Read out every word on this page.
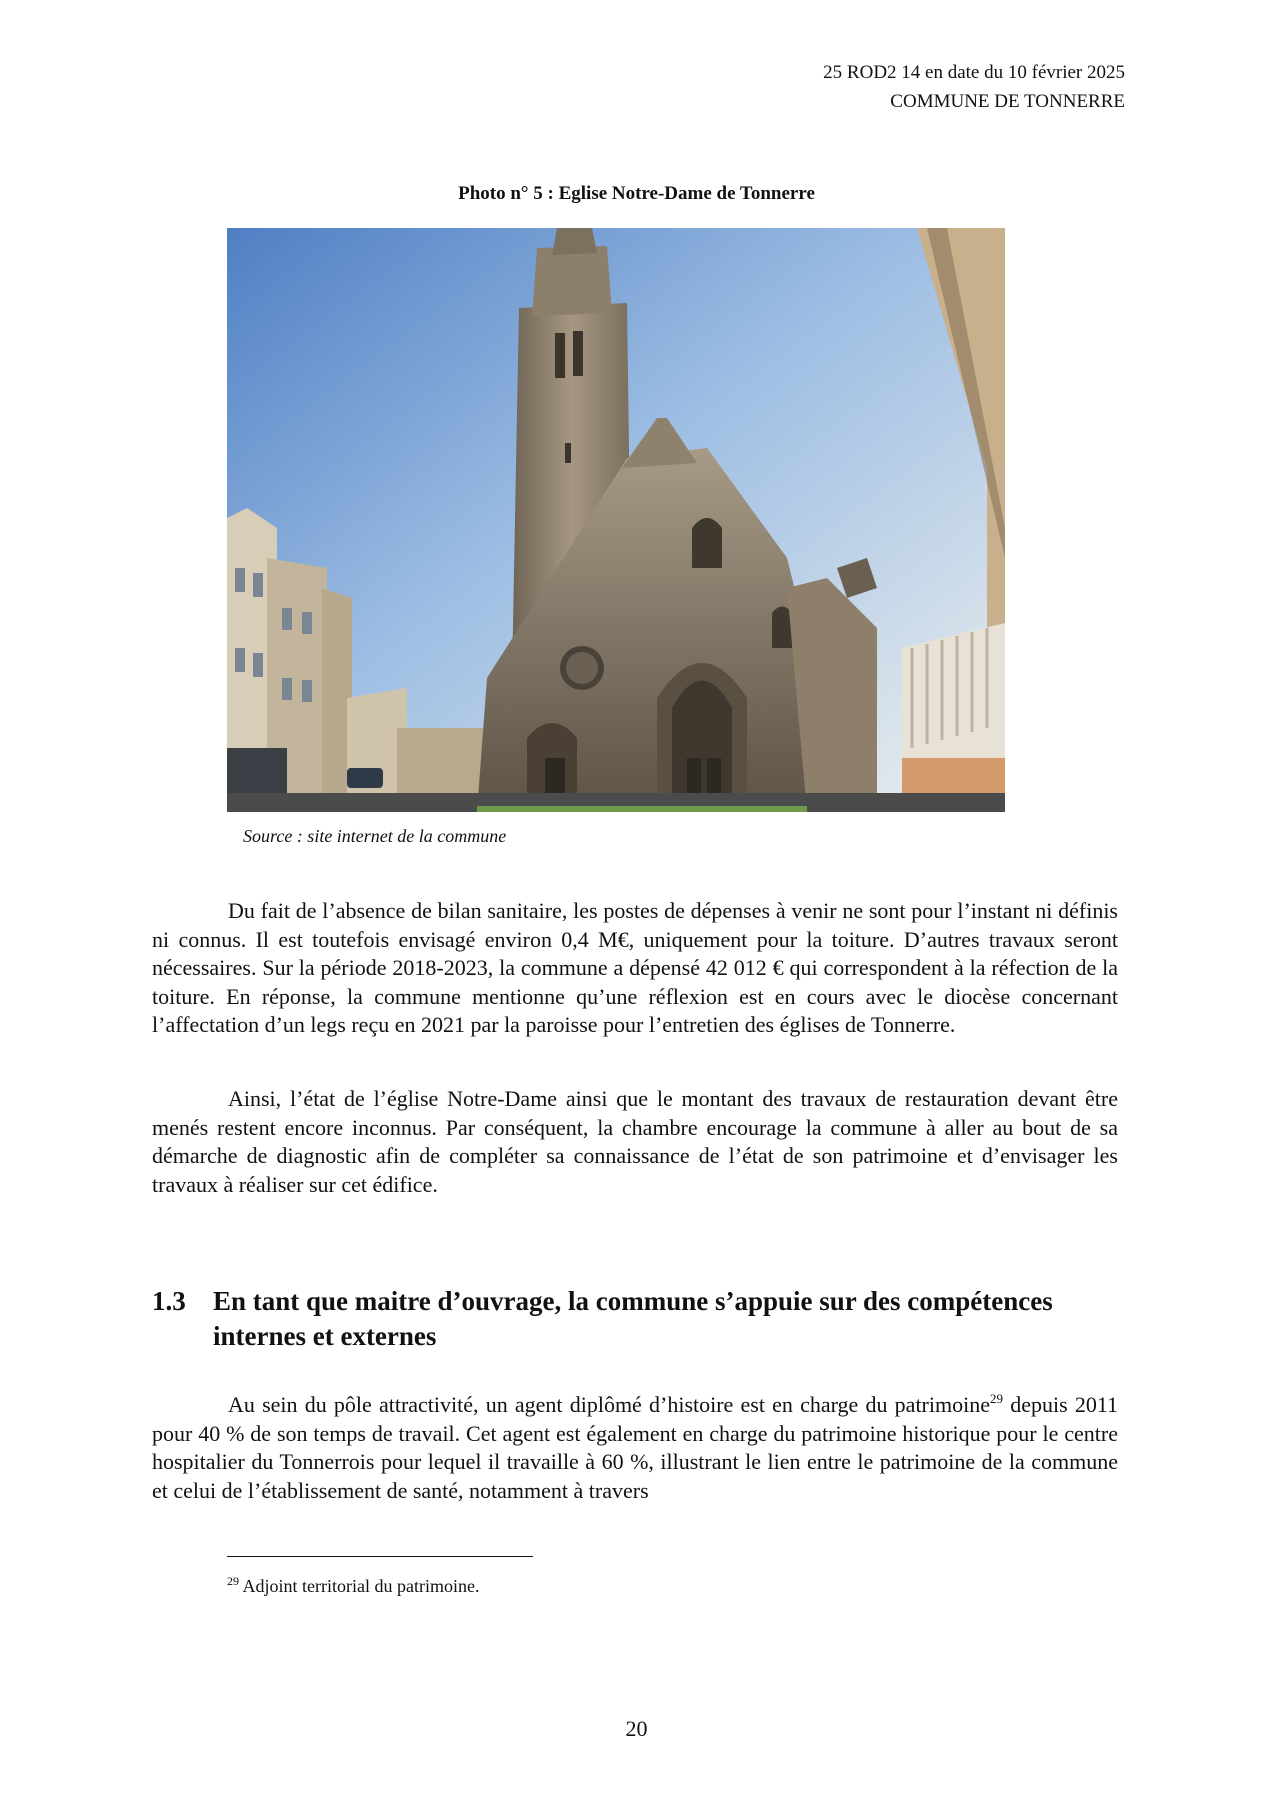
25 ROD2 14 en date du 10 février 2025
COMMUNE DE TONNERRE
Photo n° 5 : Eglise Notre-Dame de Tonnerre
Source : site internet de la commune

Du fait de l’absence de bilan sanitaire, les postes de dépenses à venir ne sont pour l’instant ni définis ni connus. Il est toutefois envisagé environ 0,4 M€, uniquement pour la toiture. D’autres travaux seront nécessaires. Sur la période 2018-2023, la commune a dépensé 42 012 € qui correspondent à la réfection de la toiture. En réponse, la commune mentionne qu’une réflexion est en cours avec le diocèse concernant l’affectation d’un legs reçu en 2021 par la paroisse pour l’entretien des églises de Tonnerre.

Ainsi, l’état de l’église Notre-Dame ainsi que le montant des travaux de restauration devant être menés restent encore inconnus. Par conséquent, la chambre encourage la commune à aller au bout de sa démarche de diagnostic afin de compléter sa connaissance de l’état de son patrimoine et d’envisager les travaux à réaliser sur cet édifice.

1.3 En tant que maitre d’ouvrage, la commune s’appuie sur des compétences internes et externes

Au sein du pôle attractivité, un agent diplômé d’histoire est en charge du patrimoine$^{29}$ depuis 2011 pour 40 % de son temps de travail. Cet agent est également en charge du patrimoine historique pour le centre hospitalier du Tonnerrois pour lequel il travaille à 60 %, illustrant le lien entre le patrimoine de la commune et celui de l’établissement de santé, notamment à travers

$^{29}$ Adjoint territorial du patrimoine.
20
